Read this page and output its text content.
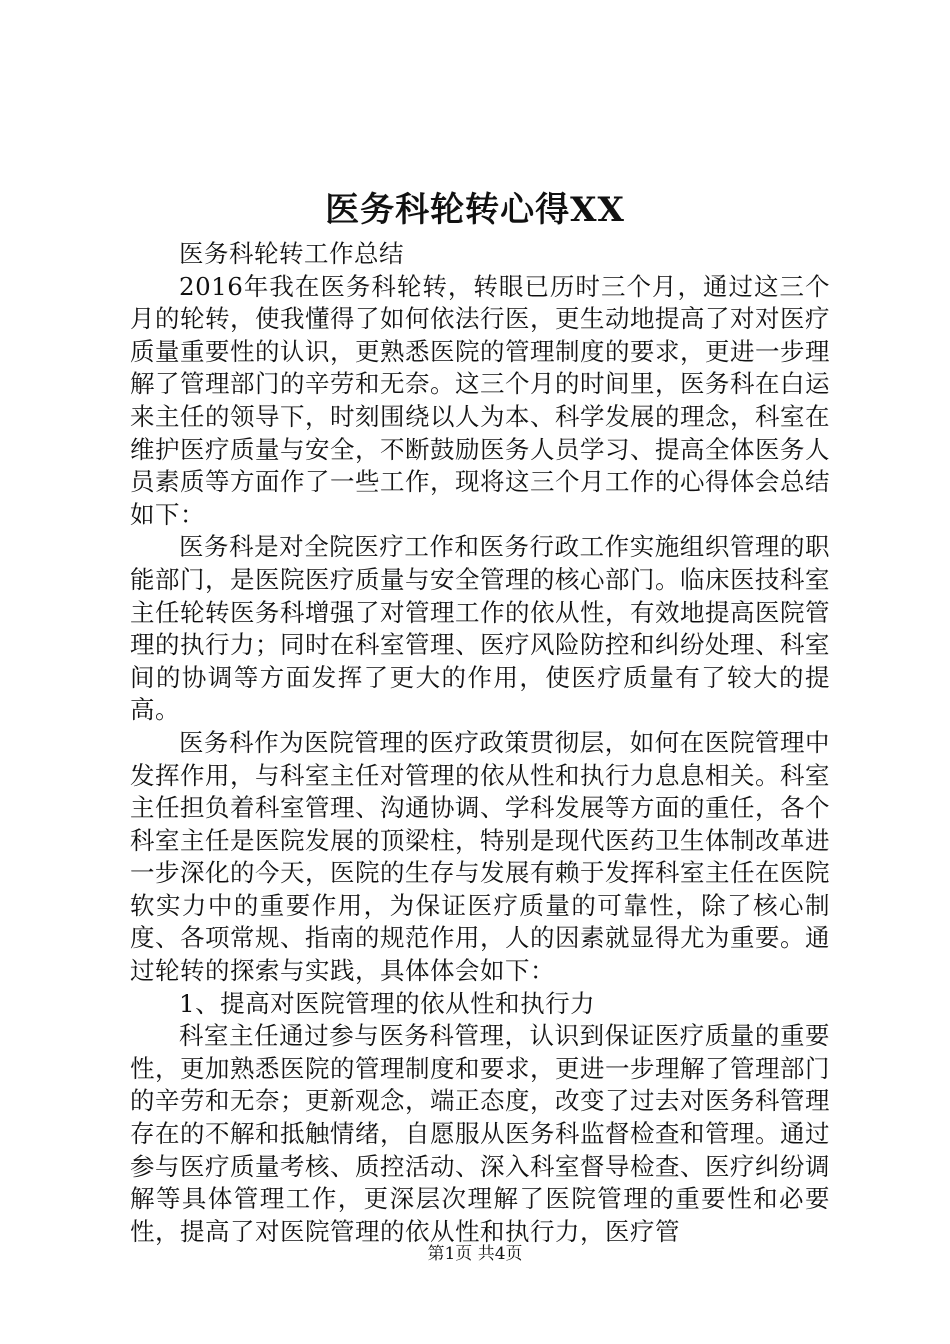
医务科轮转心得XX

医务科轮转工作总结

2016年我在医务科轮转，转眼已历时三个月，通过这三个月的轮转，使我懂得了如何依法行医，更生动地提高了对对医疗质量重要性的认识，更熟悉医院的管理制度的要求，更进一步理解了管理部门的辛劳和无奈。这三个月的时间里，医务科在白运来主任的领导下，时刻围绕以人为本、科学发展的理念，科室在维护医疗质量与安全，不断鼓励医务人员学习、提高全体医务人员素质等方面作了一些工作，现将这三个月工作的心得体会总结如下：

医务科是对全院医疗工作和医务行政工作实施组织管理的职能部门，是医院医疗质量与安全管理的核心部门。临床医技科室主任轮转医务科增强了对管理工作的依从性，有效地提高医院管理的执行力；同时在科室管理、医疗风险防控和纠纷处理、科室间的协调等方面发挥了更大的作用，使医疗质量有了较大的提高。

医务科作为医院管理的医疗政策贯彻层，如何在医院管理中发挥作用，与科室主任对管理的依从性和执行力息息相关。科室主任担负着科室管理、沟通协调、学科发展等方面的重任，各个科室主任是医院发展的顶梁柱，特别是现代医药卫生体制改革进一步深化的今天，医院的生存与发展有赖于发挥科室主任在医院软实力中的重要作用，为保证医疗质量的可靠性，除了核心制度、各项常规、指南的规范作用，人的因素就显得尤为重要。通过轮转的探索与实践，具体体会如下：

1、提高对医院管理的依从性和执行力

科室主任通过参与医务科管理，认识到保证医疗质量的重要性，更加熟悉医院的管理制度和要求，更进一步理解了管理部门的辛劳和无奈；更新观念，端正态度，改变了过去对医务科管理存在的不解和抵触情绪，自愿服从医务科监督检查和管理。通过参与医疗质量考核、质控活动、深入科室督导检查、医疗纠纷调解等具体管理工作，更深层次理解了医院管理的重要性和必要性，提高了对医院管理的依从性和执行力，医疗管

第1页 共4页
